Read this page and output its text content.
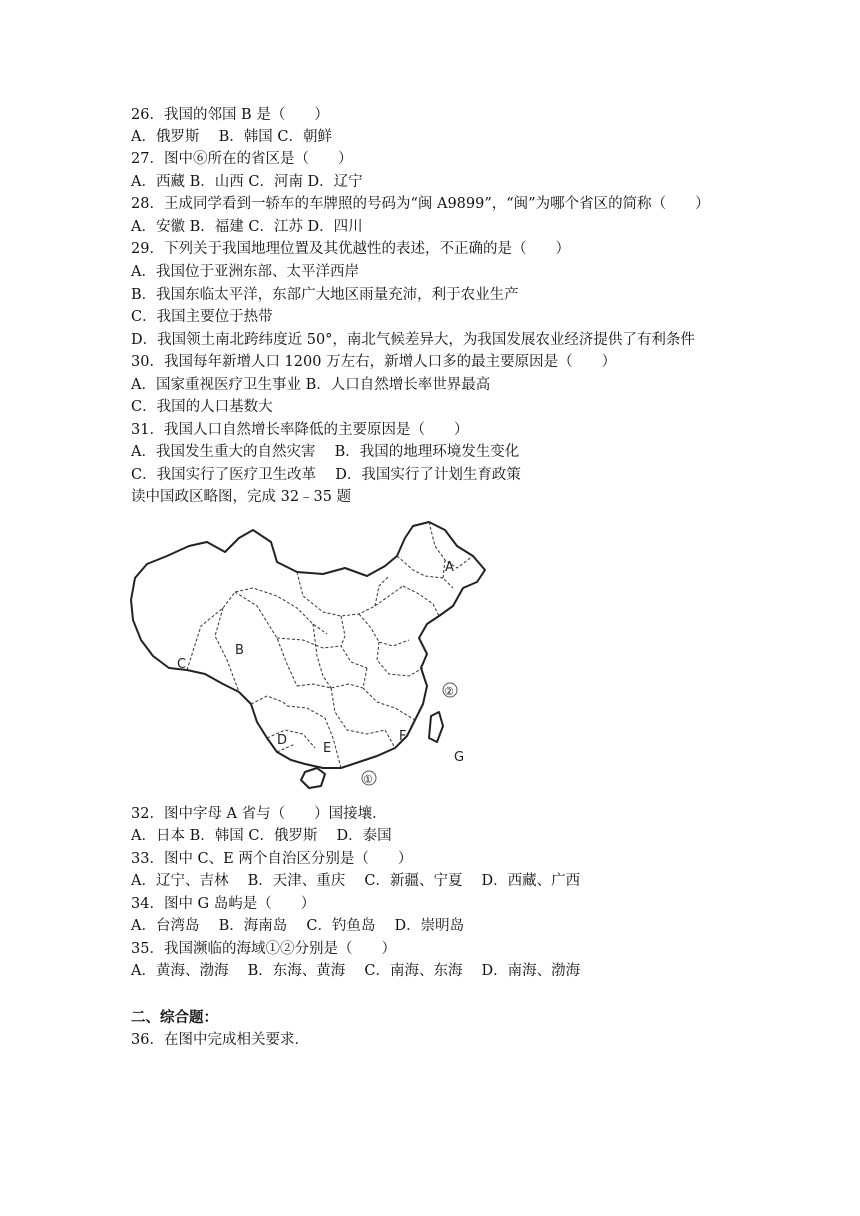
26．我国的邻国 B 是（　　）
A．俄罗斯　 B．韩国 C．朝鲜
27．图中⑥所在的省区是（　　）
A．西藏 B．山西 C．河南 D．辽宁
28．王成同学看到一轿车的车牌照的号码为“闽 A9899”，“闽”为哪个省区的简称（　　）
A．安徽 B．福建 C．江苏 D．四川
29．下列关于我国地理位置及其优越性的表述，不正确的是（　　）
A．我国位于亚洲东部、太平洋西岸
B．我国东临太平洋，东部广大地区雨量充沛，利于农业生产
C．我国主要位于热带
D．我国领土南北跨纬度近 50°，南北气候差异大，为我国发展农业经济提供了有利条件
30．我国每年新增人口 1200 万左右，新增人口多的最主要原因是（　　）
A．国家重视医疗卫生事业 B．人口自然增长率世界最高
C．我国的人口基数大
31．我国人口自然增长率降低的主要原因是（　　）
A．我国发生重大的自然灾害　 B．我国的地理环境发生变化
C．我国实行了医疗卫生改革　 D．我国实行了计划生育政策
读中国政区略图，完成 32﹣35 题
A
B
C
D
E
F
G
①
②
32．图中字母 A 省与（　　）国接壤．
A．日本 B．韩国 C．俄罗斯　 D．泰国
33．图中 C、E 两个自治区分别是（　　）
A．辽宁、吉林　 B．天津、重庆　 C．新疆、宁夏　 D．西藏、广西
34．图中 G 岛屿是（　　）
A．台湾岛　 B．海南岛　 C．钓鱼岛　 D．崇明岛
35．我国濒临的海域①②分别是（　　）
A．黄海、渤海　 B．东海、黄海　 C．南海、东海　 D．南海、渤海
二、综合题：
36．在图中完成相关要求．
